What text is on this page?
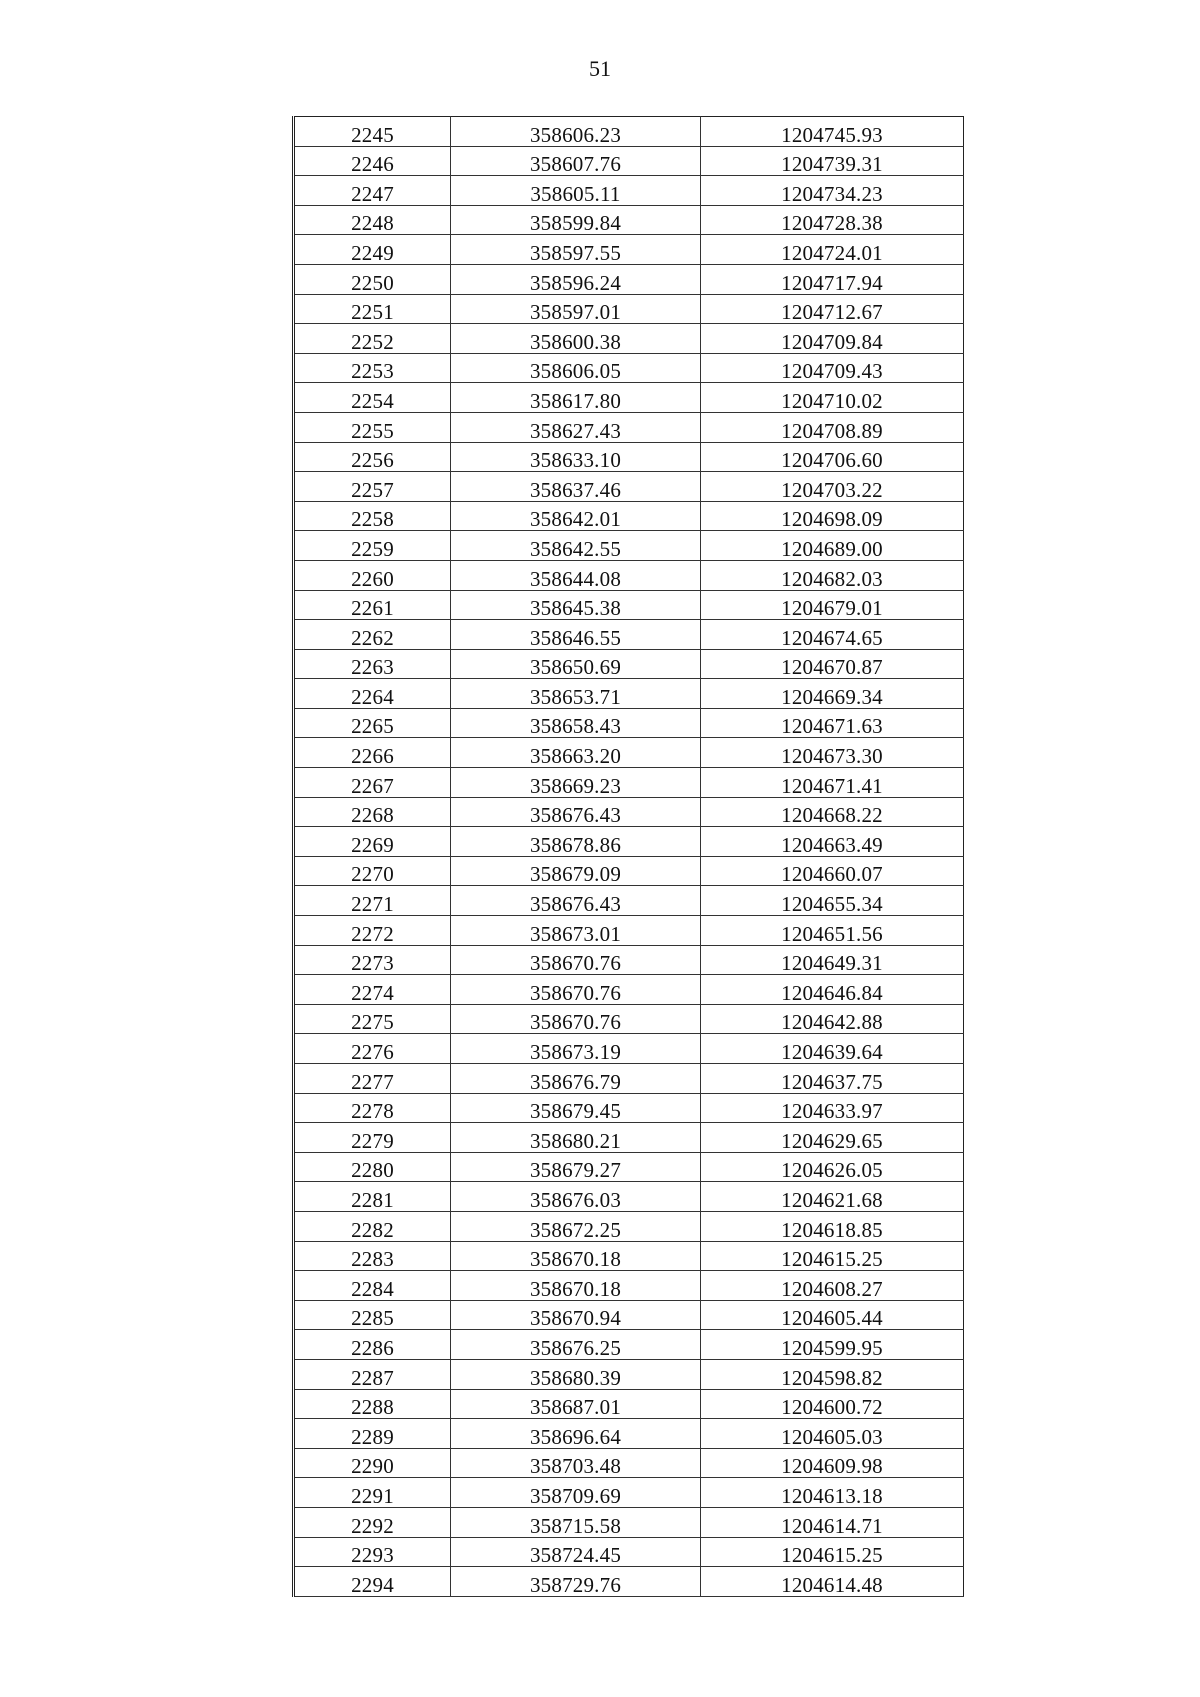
51
2245	358606.23	1204745.93
2246	358607.76	1204739.31
2247	358605.11	1204734.23
2248	358599.84	1204728.38
2249	358597.55	1204724.01
2250	358596.24	1204717.94
2251	358597.01	1204712.67
2252	358600.38	1204709.84
2253	358606.05	1204709.43
2254	358617.80	1204710.02
2255	358627.43	1204708.89
2256	358633.10	1204706.60
2257	358637.46	1204703.22
2258	358642.01	1204698.09
2259	358642.55	1204689.00
2260	358644.08	1204682.03
2261	358645.38	1204679.01
2262	358646.55	1204674.65
2263	358650.69	1204670.87
2264	358653.71	1204669.34
2265	358658.43	1204671.63
2266	358663.20	1204673.30
2267	358669.23	1204671.41
2268	358676.43	1204668.22
2269	358678.86	1204663.49
2270	358679.09	1204660.07
2271	358676.43	1204655.34
2272	358673.01	1204651.56
2273	358670.76	1204649.31
2274	358670.76	1204646.84
2275	358670.76	1204642.88
2276	358673.19	1204639.64
2277	358676.79	1204637.75
2278	358679.45	1204633.97
2279	358680.21	1204629.65
2280	358679.27	1204626.05
2281	358676.03	1204621.68
2282	358672.25	1204618.85
2283	358670.18	1204615.25
2284	358670.18	1204608.27
2285	358670.94	1204605.44
2286	358676.25	1204599.95
2287	358680.39	1204598.82
2288	358687.01	1204600.72
2289	358696.64	1204605.03
2290	358703.48	1204609.98
2291	358709.69	1204613.18
2292	358715.58	1204614.71
2293	358724.45	1204615.25
2294	358729.76	1204614.48
